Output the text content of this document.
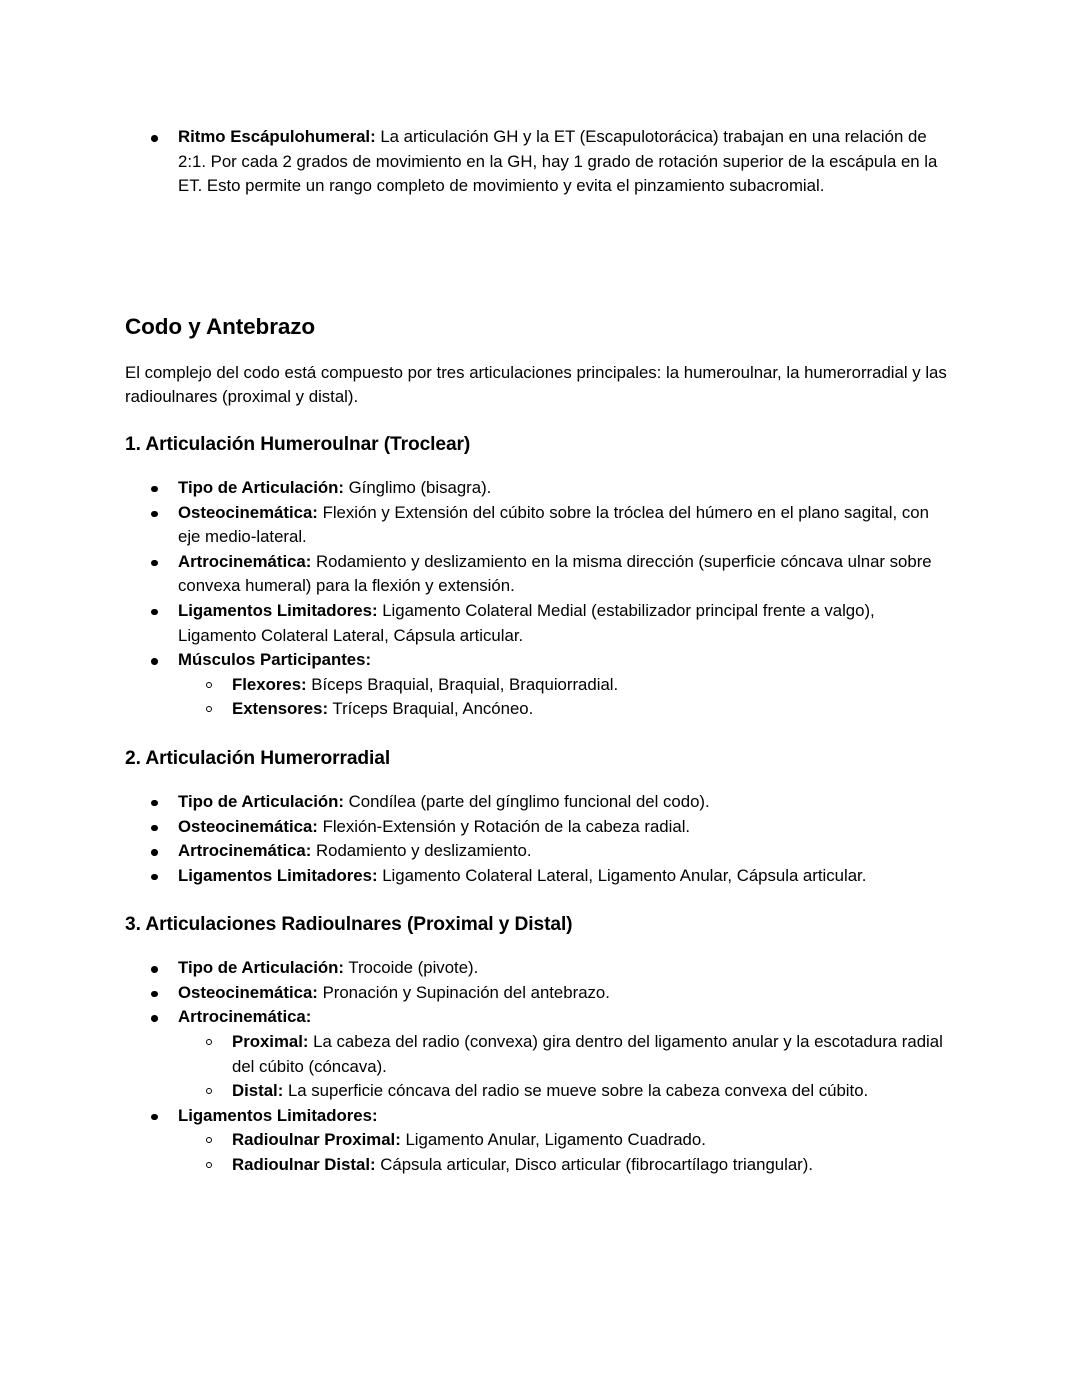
Ritmo Escápulohumeral: La articulación GH y la ET (Escapulotorácica) trabajan en una relación de 2:1. Por cada 2 grados de movimiento en la GH, hay 1 grado de rotación superior de la escápula en la ET. Esto permite un rango completo de movimiento y evita el pinzamiento subacromial.
Codo y Antebrazo

El complejo del codo está compuesto por tres articulaciones principales: la humeroulnar, la humerorradial y las radioulnares (proximal y distal).

1. Articulación Humeroulnar (Troclear)
Tipo de Articulación: Gínglimo (bisagra).
Osteocinemática: Flexión y Extensión del cúbito sobre la tróclea del húmero en el plano sagital, con eje medio-lateral.
Artrocinemática: Rodamiento y deslizamiento en la misma dirección (superficie cóncava ulnar sobre convexa humeral) para la flexión y extensión.
Ligamentos Limitadores: Ligamento Colateral Medial (estabilizador principal frente a valgo), Ligamento Colateral Lateral, Cápsula articular.
Músculos Participantes:
Flexores: Bíceps Braquial, Braquial, Braquiorradial.
Extensores: Tríceps Braquial, Ancóneo.
2. Articulación Humerorradial
Tipo de Articulación: Condílea (parte del gínglimo funcional del codo).
Osteocinemática: Flexión-Extensión y Rotación de la cabeza radial.
Artrocinemática: Rodamiento y deslizamiento.
Ligamentos Limitadores: Ligamento Colateral Lateral, Ligamento Anular, Cápsula articular.
3. Articulaciones Radioulnares (Proximal y Distal)
Tipo de Articulación: Trocoide (pivote).
Osteocinemática: Pronación y Supinación del antebrazo.
Artrocinemática:
Proximal: La cabeza del radio (convexa) gira dentro del ligamento anular y la escotadura radial del cúbito (cóncava).
Distal: La superficie cóncava del radio se mueve sobre la cabeza convexa del cúbito.
Ligamentos Limitadores:
Radioulnar Proximal: Ligamento Anular, Ligamento Cuadrado.
Radioulnar Distal: Cápsula articular, Disco articular (fibrocartílago triangular).
